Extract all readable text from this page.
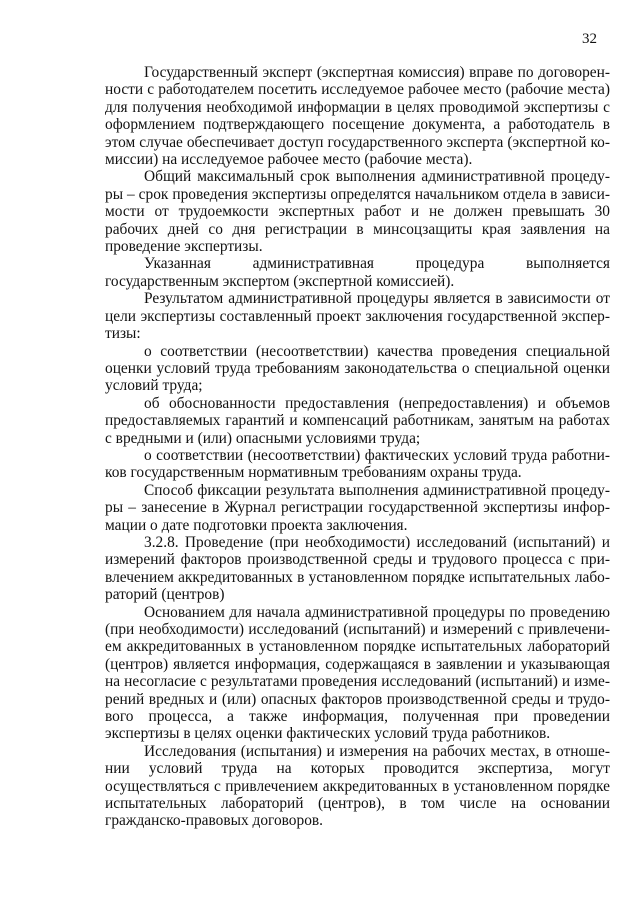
32

Государственный эксперт (экспертная комиссия) вправе по договоренности с работодателем посетить исследуемое рабочее место (рабочие места) для получения необходимой информации в целях проводимой экспертизы с оформлением подтверждающего посещение документа, а работодатель в этом случае обеспечивает доступ государственного эксперта (экспертной комиссии) на исследуемое рабочее место (рабочие места).

Общий максимальный срок выполнения административной процедуры – срок проведения экспертизы определятся начальником отдела в зависимости от трудоемкости экспертных работ и не должен превышать 30 рабочих дней со дня регистрации в минсоцзащиты края заявления на проведение экспертизы.

Указанная административная процедура выполняется государственным экспертом (экспертной комиссией).

Результатом административной процедуры является в зависимости от цели экспертизы составленный проект заключения государственной экспертизы:

о соответствии (несоответствии) качества проведения специальной оценки условий труда требованиям законодательства о специальной оценки условий труда;

об обоснованности предоставления (непредоставления) и объемов предоставляемых гарантий и компенсаций работникам, занятым на работах с вредными и (или) опасными условиями труда;

о соответствии (несоответствии) фактических условий труда работников государственным нормативным требованиям охраны труда.

Способ фиксации результата выполнения административной процедуры – занесение в Журнал регистрации государственной экспертизы информации о дате подготовки проекта заключения.

3.2.8. Проведение (при необходимости) исследований (испытаний) и измерений факторов производственной среды и трудового процесса с привлечением аккредитованных в установленном порядке испытательных лабораторий (центров)

Основанием для начала административной процедуры по проведению (при необходимости) исследований (испытаний) и измерений с привлечением аккредитованных в установленном порядке испытательных лабораторий (центров) является информация, содержащаяся в заявлении и указывающая на несогласие с результатами проведения исследований (испытаний) и измерений вредных и (или) опасных факторов производственной среды и трудового процесса, а также информация, полученная при проведении экспертизы в целях оценки фактических условий труда работников.

Исследования (испытания) и измерения на рабочих местах, в отношении условий труда на которых проводится экспертиза, могут осуществляться с привлечением аккредитованных в установленном порядке испытательных лабораторий (центров), в том числе на основании гражданско-правовых договоров.
